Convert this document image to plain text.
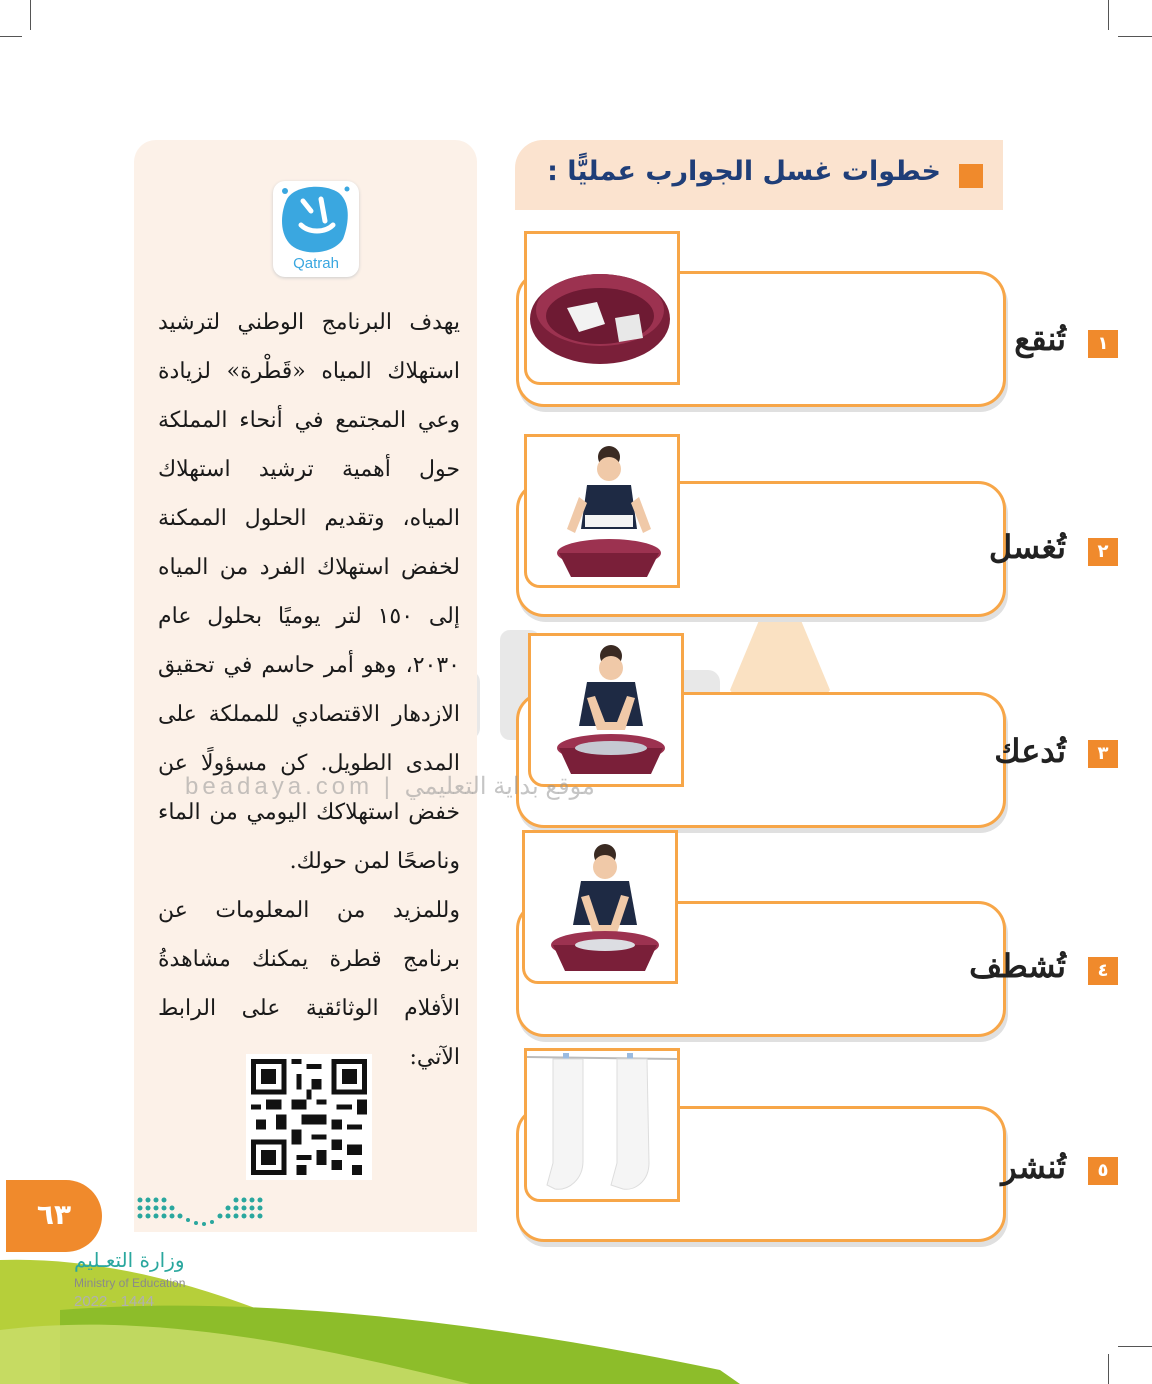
خطوات غسل الجوارب عمليًّا :
١
تُنقع
٢
تُغسل
٣
تُدعك
٤
تُشطف
٥
تُنشر
Qatrah

يهدف البرنامج الوطني لترشيد استهلاك المياه «قَطْرة» لزيادة وعي المجتمع في أنحاء المملكة حول أهمية ترشيد استهلاك المياه، وتقديم الحلول الممكنة لخفض استهلاك الفرد من المياه إلى ١٥٠ لتر يوميًا بحلول عام ٢٠٣٠، وهو أمر حاسم في تحقيق الازدهار الاقتصادي للمملكة على المدى الطويل. كن مسؤولًا عن خفض استهلاكك اليومي من الماء وناصحًا لمن حولك.

وللمزيد من المعلومات عن برنامج قطرة يمكنك مشاهدةُ الأفلام الوثائقية على الرابط الآتي:

٦٣
وزارة التعـليم
Ministry of Education
2022 - 1444
beadaya.com | موقع بداية التعليمي
